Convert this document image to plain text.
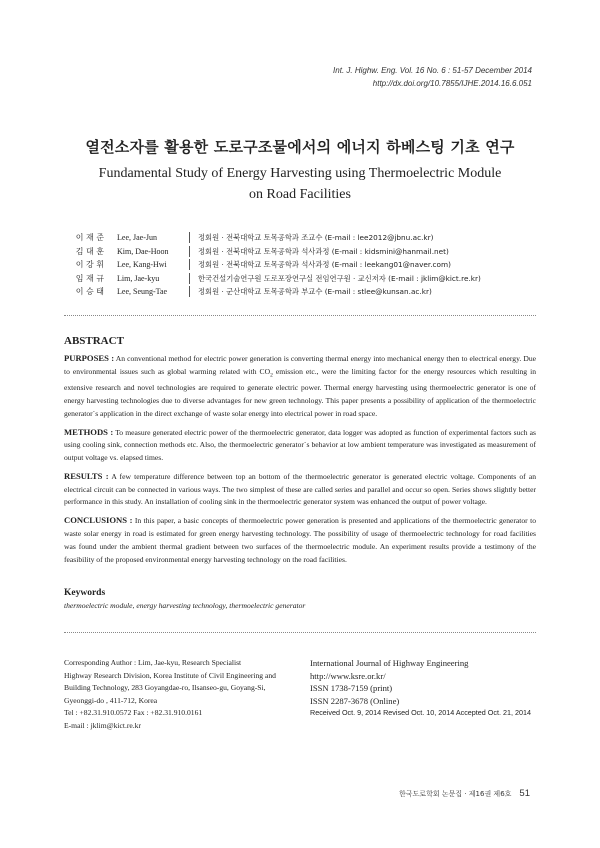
Int. J. Highw. Eng. Vol. 16 No. 6 : 51-57 December 2014
http://dx.doi.org/10.7855/IJHE.2014.16.6.051
열전소자를 활용한 도로구조물에서의 에너지 하베스팅 기초 연구
Fundamental Study of Energy Harvesting using Thermoelectric Module on Road Facilities
이 재 준	Lee, Jae-Jun	정회원 · 전북대학교 토목공학과 조교수 (E-mail : lee2012@jbnu.ac.kr)
김 대 훈	Kim, Dae-Hoon	정회원 · 전북대학교 토목공학과 석사과정 (E-mail : kidsmini@hanmail.net)
이 강 휘	Lee, Kang-Hwi	정회원 · 전북대학교 토목공학과 석사과정 (E-mail : leekang01@naver.com)
임 재 규	Lim, Jae-kyu	한국건설기술연구원 도로포장연구실 전임연구원 · 교신저자 (E-mail : jklim@kict.re.kr)
이 승 태	Lee, Seung-Tae	정회원 · 군산대학교 토목공학과 부교수 (E-mail : stlee@kunsan.ac.kr)
ABSTRACT

PURPOSES : An conventional method for electric power generation is converting thermal energy into mechanical energy then to electrical energy. Due to environmental issues such as global warming related with $CO_2$ emission etc., were the limiting factor for the energy resources which resulting in extensive research and novel technologies are required to generate electric power. Thermal energy harvesting using thermoelectric generator is one of energy harvesting technologies due to diverse advantages for new green technology. This paper presents a possibility of application of the thermoelectric generator`s application in the direct exchange of waste solar energy into electrical power in road space.

METHODS : To measure generated electric power of the thermoelectric generator, data logger was adopted as function of experimental factors such as using cooling sink, connection methods etc. Also, the thermoelectric generator`s behavior at low ambient temperature was investigated as measurement of output voltage vs. elapsed times.

RESULTS : A few temperature difference between top an bottom of the thermoelectric generator is generated electric voltage. Components of an electrical circuit can be connected in various ways. The two simplest of these are called series and parallel and occur so open. Series shows slightly better performance in this study. An installation of cooling sink in the thermoelectric generator system was enhanced the output of power voltage.

CONCLUSIONS : In this paper, a basic concepts of thermoelectric power generation is presented and applications of the thermoelectric generator to waste solar energy in road is estimated for green energy harvesting technology. The possibility of usage of thermoelectric technology for road facilities was found under the ambient thermal gradient between two surfaces of the thermoelectric module. An experiment results provide a testimony of the feasibility of the proposed environmental energy harvesting technology on the road facilities.

Keywords
thermoelectric module, energy harvesting technology, thermoelectric generator
Corresponding Author : Lim, Jae-kyu, Research Specialist
Highway Research Division, Korea Institute of Civil Engineering and
Building Technology, 283 Goyangdae-ro, Ilsanseo-gu, Goyang-Si,
Gyeonggi-do , 411-712, Korea
Tel : +82.31.910.0572 Fax : +82.31.910.0161
E-mail : jklim@kict.re.kr
International Journal of Highway Engineering
http://www.ksre.or.kr/
ISSN 1738-7159 (print)
ISSN 2287-3678 (Online)
Received Oct. 9, 2014 Revised Oct. 10, 2014 Accepted Oct. 21, 2014
한국도로학회 논문집 · 제16권 제6호 51
